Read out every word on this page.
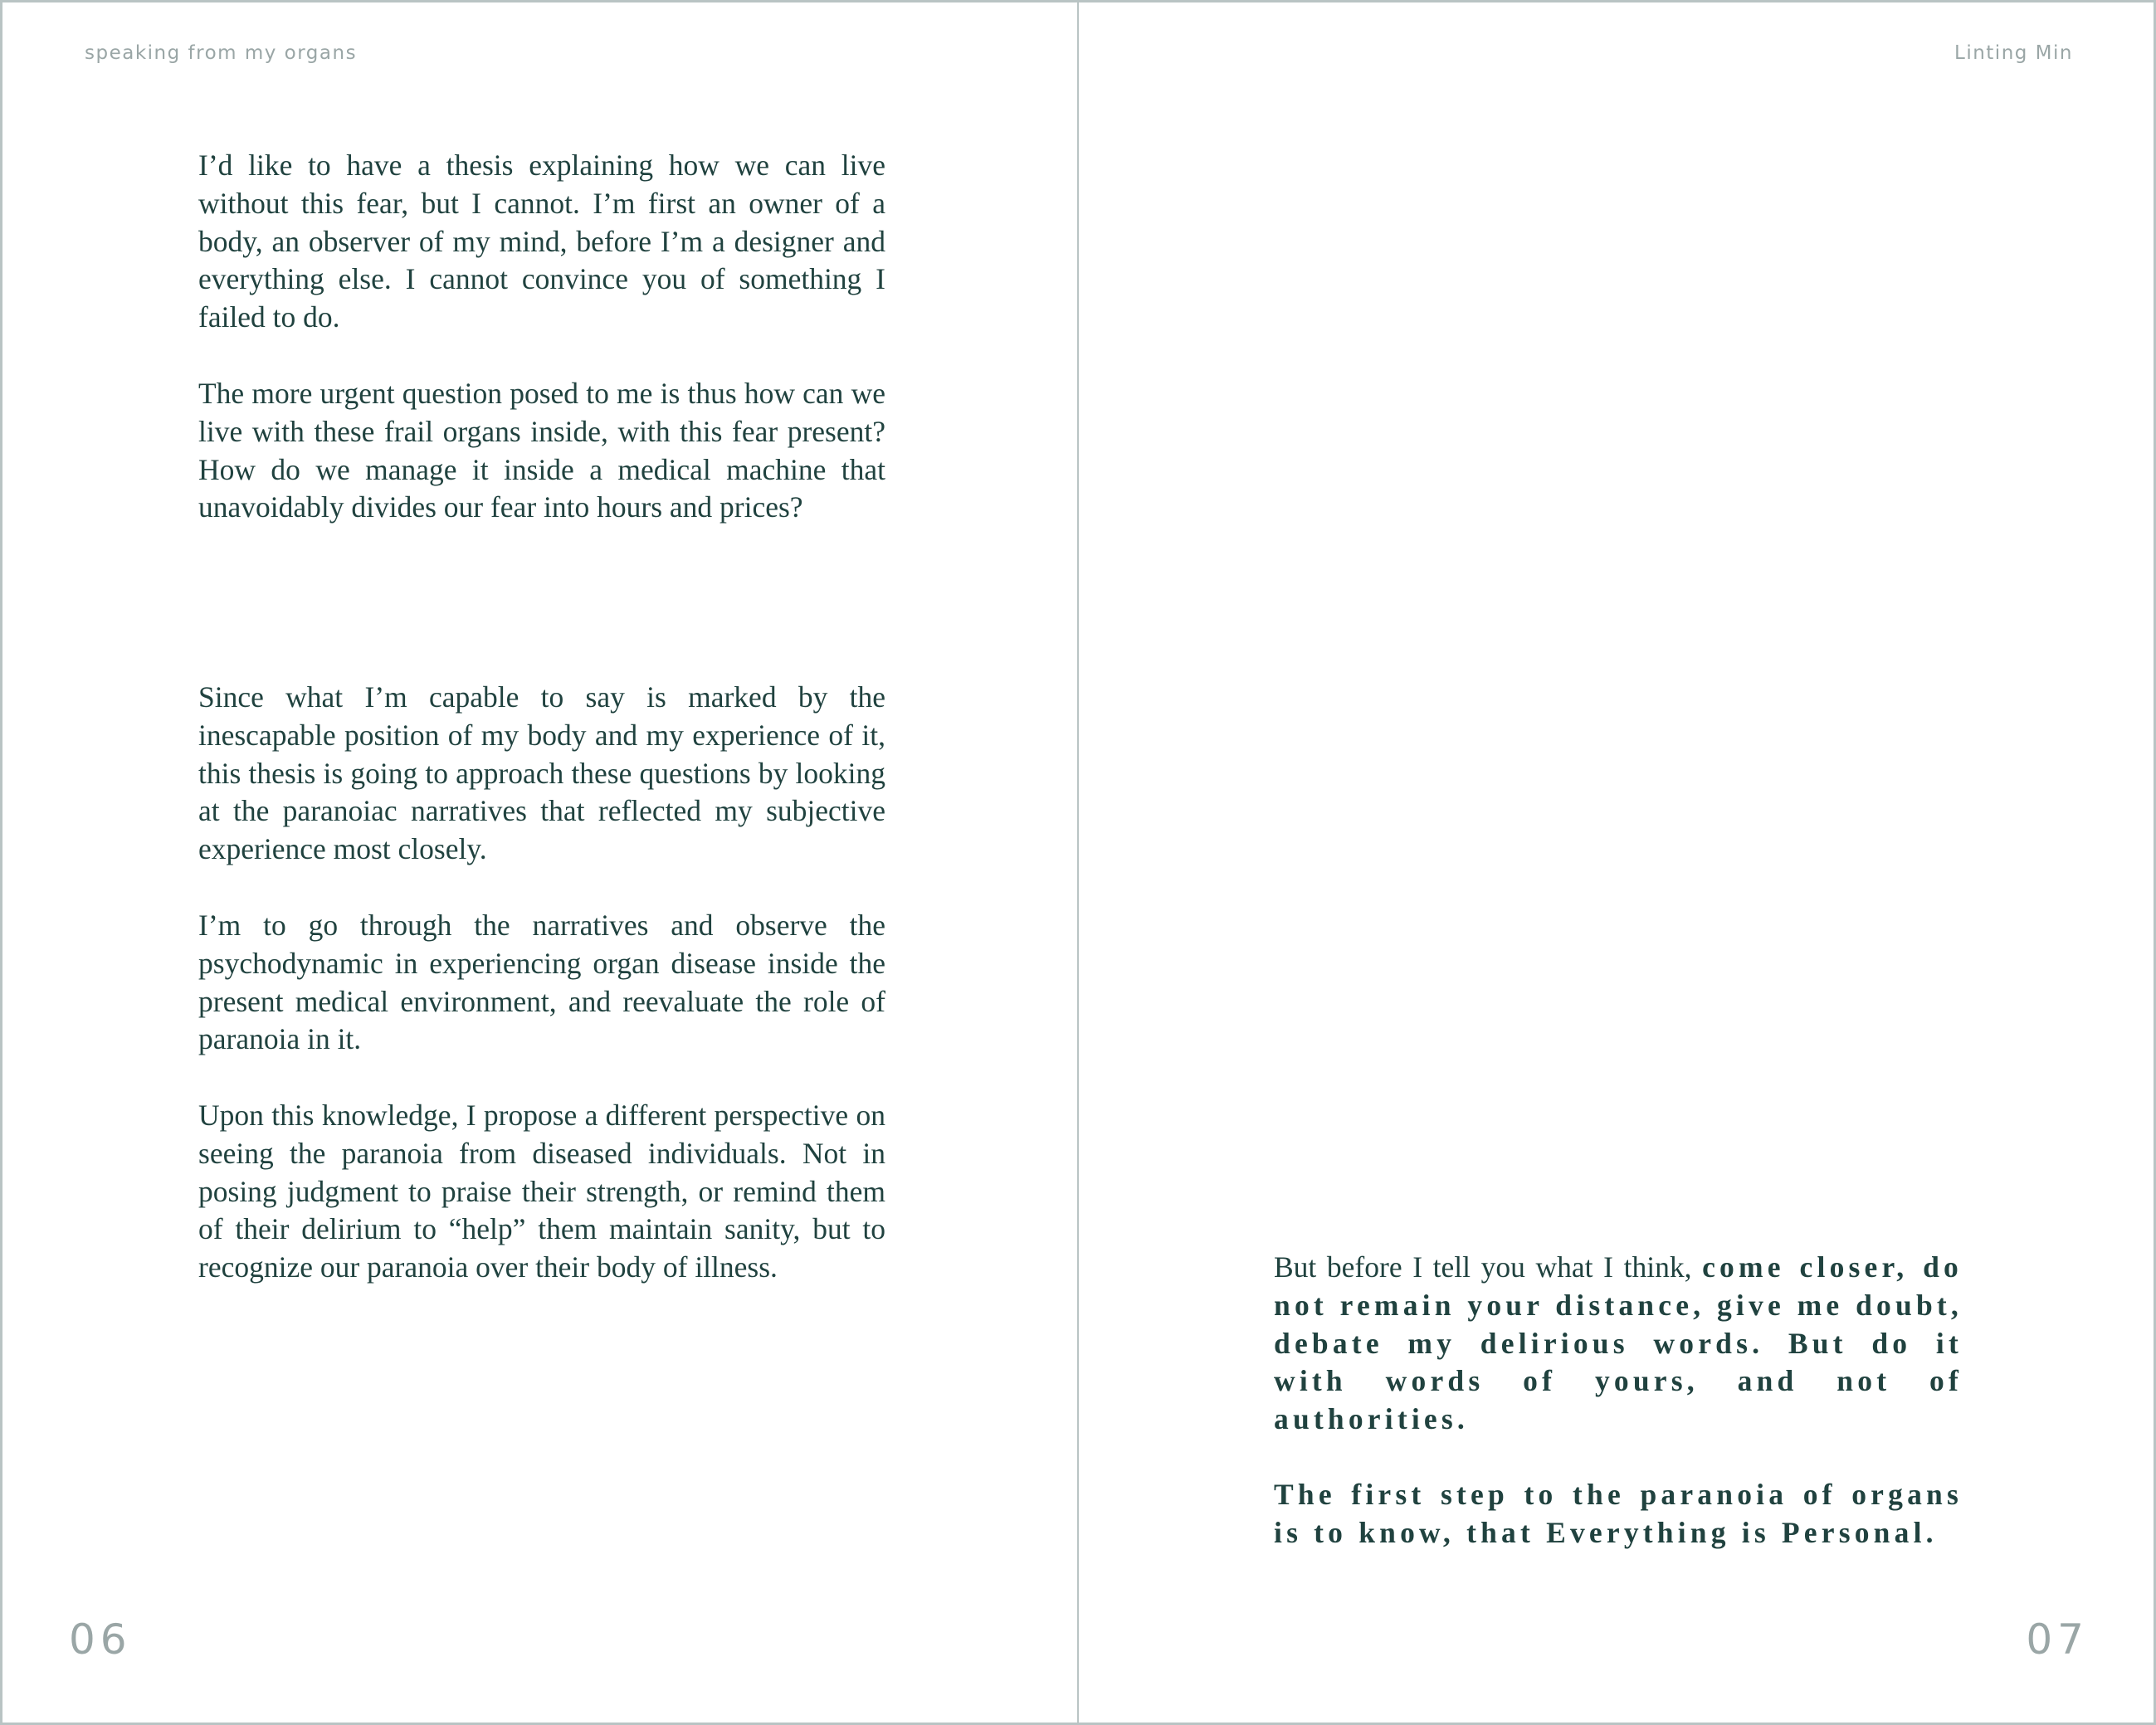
speaking from my organs

I’d like to have a thesis explaining how we can live without this fear, but I cannot. I’m first an owner of a body, an observer of my mind, before I’m a designer and everything else. I cannot convince you of something I failed to do.

The more urgent question posed to me is thus how can we live with these frail organs inside, with this fear present? How do we manage it inside a medical machine that unavoidably divides our fear into hours and prices?

Since what I’m capable to say is marked by the inescapable position of my body and my experience of it, this thesis is going to approach these questions by looking at the paranoiac narratives that reflected my subjective experience most closely.

I’m to go through the narratives and observe the psychodynamic in experiencing organ disease inside the present medical environment, and reevaluate the role of paranoia in it.

Upon this knowledge, I propose a different perspective on seeing the paranoia from diseased individuals. Not in posing judgment to praise their strength, or remind them of their delirium to “help” them maintain sanity, but to recognize our paranoia over their body of illness.

06
Linting Min

But before I tell you what I think, come closer, do not remain your distance, give me doubt, debate my delirious words. But do it with words of yours, and not of authorities.

The first step to the paranoia of organs is to know, that Everything is Personal.

07
